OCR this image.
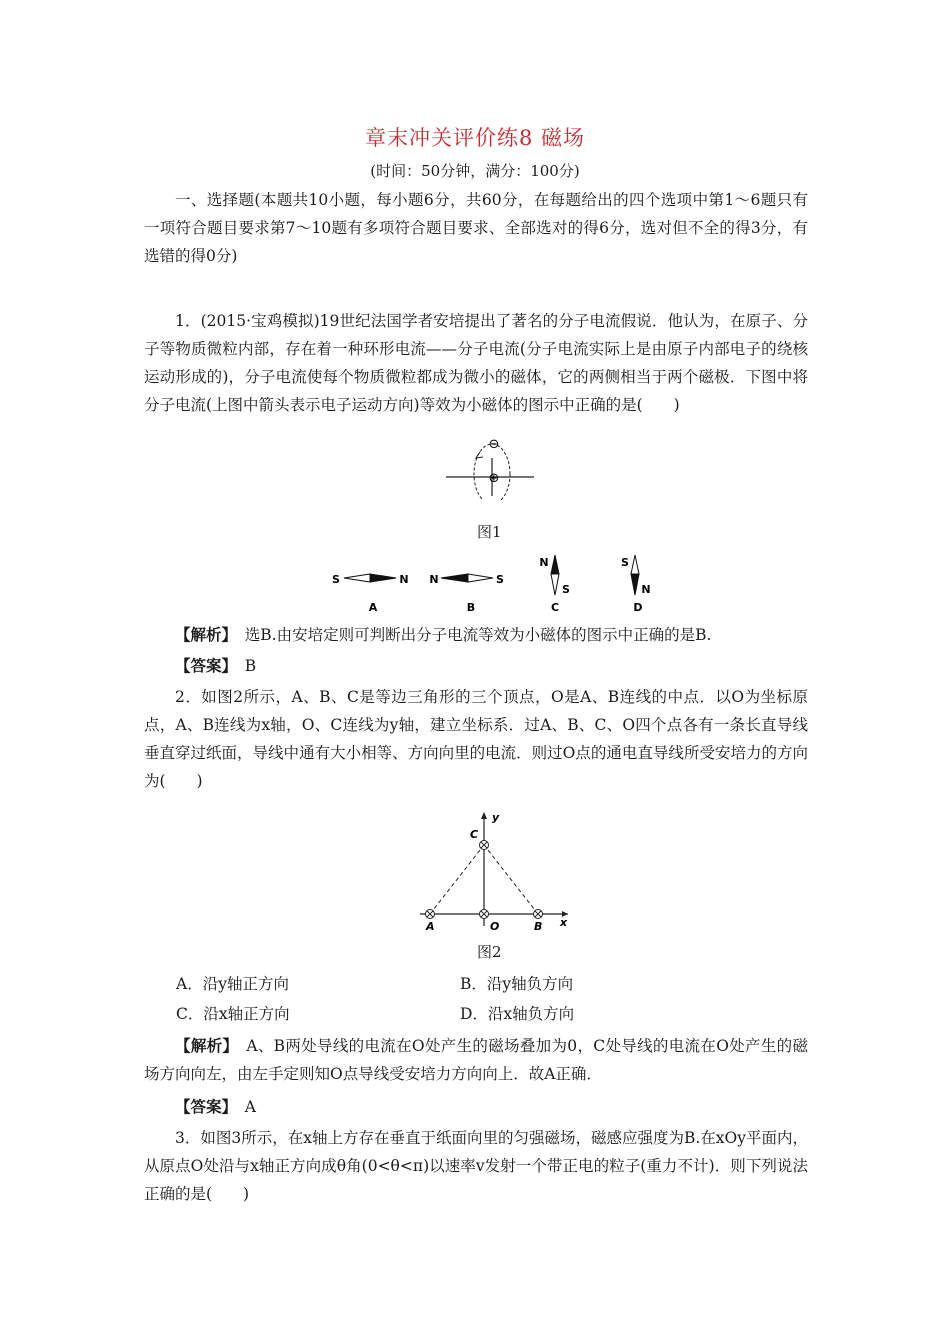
章末冲关评价练8 磁场
(时间：50分钟，满分：100分)
一、选择题(本题共10小题，每小题6分，共60分，在每题给出的四个选项中第1～6题只有一项符合题目要求第7～10题有多项符合题目要求、全部选对的得6分，选对但不全的得3分，有选错的得0分)
1．(2015·宝鸡模拟)19世纪法国学者安培提出了著名的分子电流假说．他认为，在原子、分子等物质微粒内部，存在着一种环形电流——分子电流(分子电流实际上是由原子内部电子的绕核运动形成的)，分子电流使每个物质微粒都成为微小的磁体，它的两侧相当于两个磁极．下图中将分子电流(上图中箭头表示电子运动方向)等效为小磁体的图示中正确的是(　　)
⊖
⊕
图1
S	N
A
N	S
B
N
S
C
S
N
D
【解析】　 选B.由安培定则可判断出分子电流等效为小磁体的图示中正确的是B.
【答案】　 B
2．如图2所示，A、B、C是等边三角形的三个顶点，O是A、B连线的中点．以O为坐标原点，A、B连线为x轴，O、C连线为y轴，建立坐标系．过A、B、C、O四个点各有一条长直导线垂直穿过纸面，导线中通有大小相等、方向向里的电流．则过O点的通电直导线所受安培力的方向为(　　)
y
C
x
A	O	B
图2
A．沿y轴正方向	B．沿y轴负方向
C．沿x轴正方向	D．沿x轴负方向
【解析】　 A、B两处导线的电流在O处产生的磁场叠加为0，C处导线的电流在O处产生的磁场方向向左，由左手定则知O点导线受安培力方向向上．故A正确．
【答案】　 A
3．如图3所示，在x轴上方存在垂直于纸面向里的匀强磁场，磁感应强度为B.在xOy平面内，从原点O处沿与x轴正方向成θ角(0<θ<π)以速率v发射一个带正电的粒子(重力不计)．则下列说法正确的是(　　)
